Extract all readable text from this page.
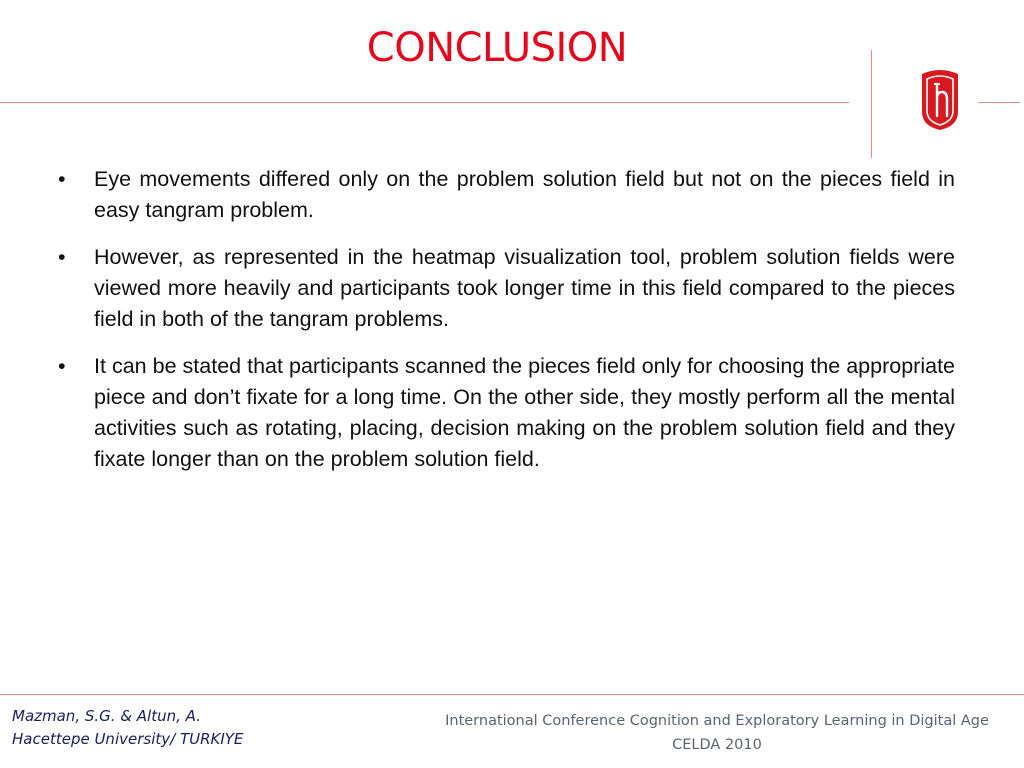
CONCLUSION
•	Eye movements differed only on the problem solution field but not on the pieces field in easy tangram problem.
•	However, as represented in the heatmap visualization tool, problem solution fields were viewed more heavily and participants took longer time in this field compared to the pieces field in both of the tangram problems.
•	It can be stated that participants scanned the pieces field only for choosing the appropriate piece and don’t fixate for a long time. On the other side, they mostly perform all the mental activities such as rotating, placing, decision making on the problem solution field and they fixate longer than on the problem solution field.
Mazman, S.G. & Altun, A.
Hacettepe University/ TURKIYE
International Conference Cognition and Exploratory Learning in Digital Age
CELDA 2010
